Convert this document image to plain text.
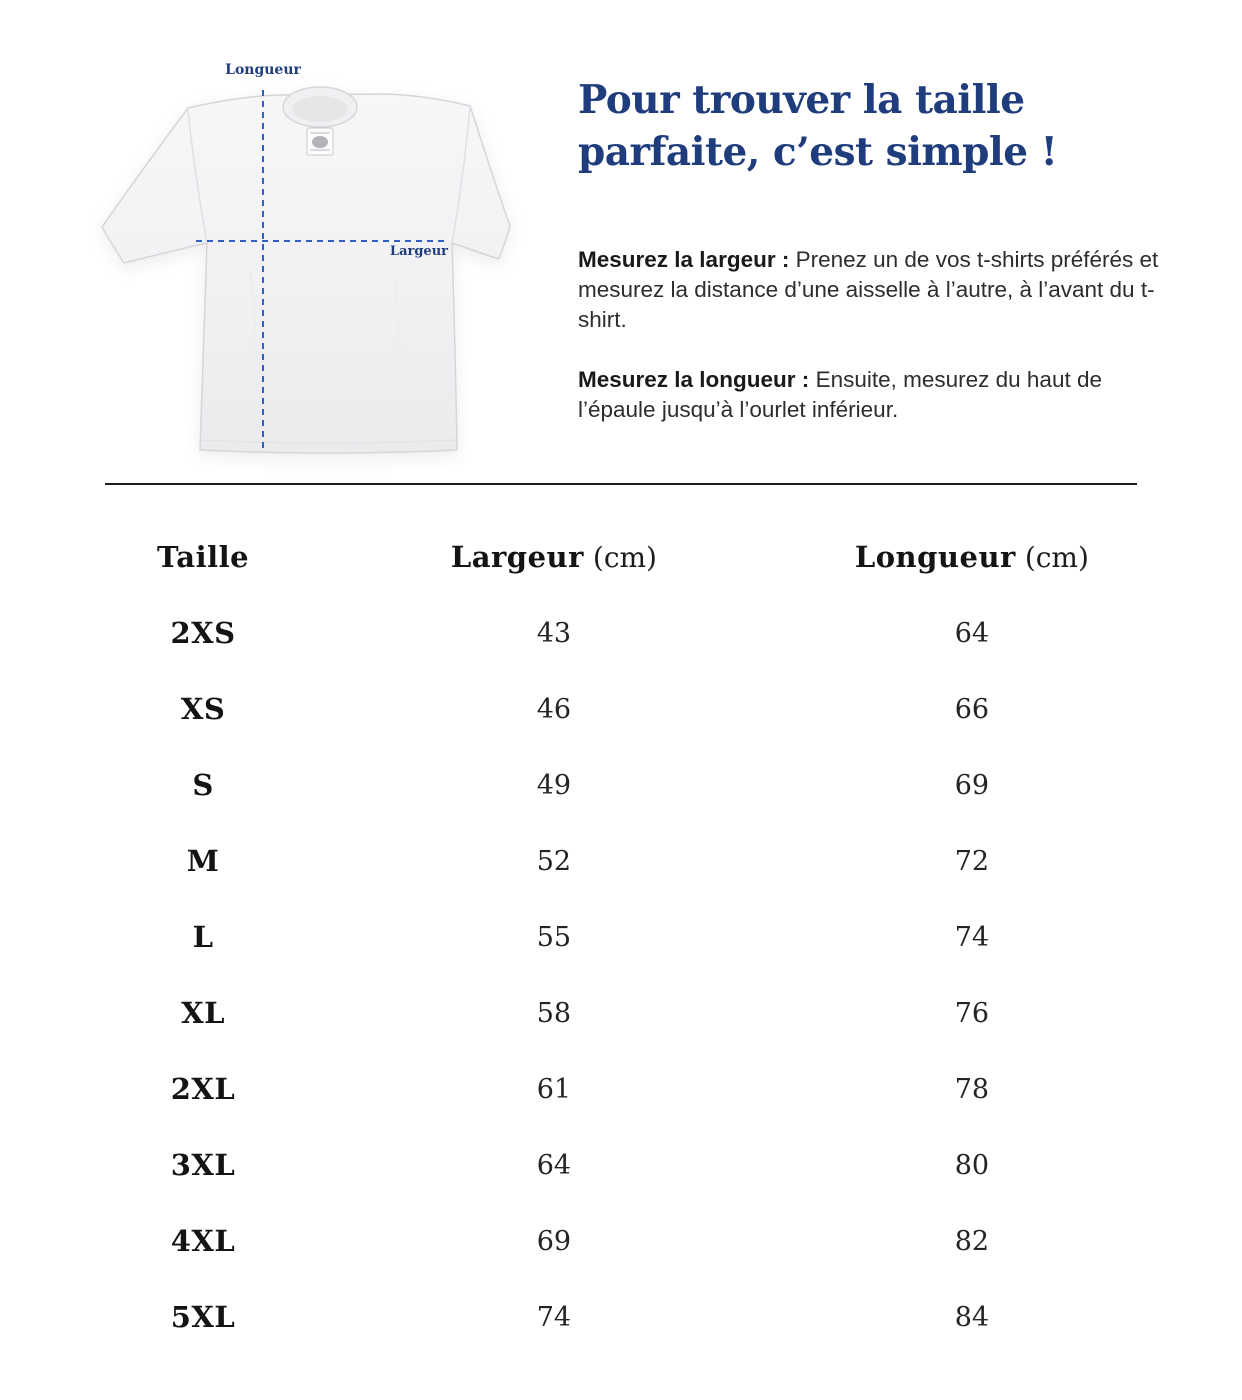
Longueur
Largeur
Pour trouver la taille
parfaite, c’est simple !

Mesurez la largeur : Prenez un de vos t-shirts préférés et mesurez la distance d’une aisselle à l’autre, à l’avant du t-shirt.

Mesurez la longueur : Ensuite, mesurez du haut de l’épaule jusqu’à l’ourlet inférieur.

Taille	Largeur (cm)	Longueur (cm)
2XS	43	64
XS	46	66
S	49	69
M	52	72
L	55	74
XL	58	76
2XL	61	78
3XL	64	80
4XL	69	82
5XL	74	84
